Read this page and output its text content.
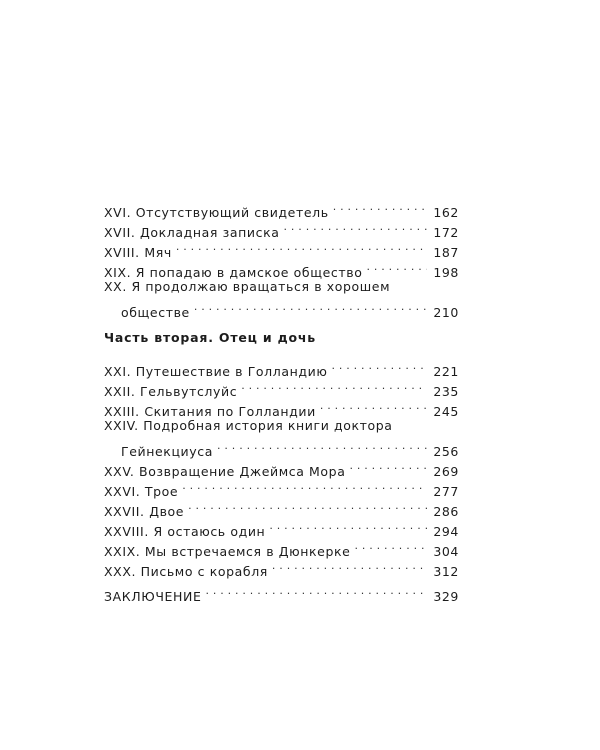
XVI. Отсутствующий свидетель . . .	162
XVII. Докладная записка . . .	172
XVIII. Мяч . . .	187
XIX. Я попадаю в дамское общество . . .	198
XX. Я продолжаю вращаться в хорошем
обществе . . .	210
Часть вторая. Отец и дочь
XXI. Путешествие в Голландию . . .	221
XXII. Гельвутслуйс . . .	235
XXIII. Скитания по Голландии . . .	245
XXIV. Подробная история книги доктора
Гейнекциуса . . .	256
XXV. Возвращение Джеймса Мора . . .	269
XXVI. Трое . . .	277
XXVII. Двое . . .	286
XXVIII. Я остаюсь один . . .	294
XXIX. Мы встречаемся в Дюнкерке . . .	304
XXX. Письмо с корабля . . .	312
ЗАКЛЮЧЕНИЕ . . .	329
